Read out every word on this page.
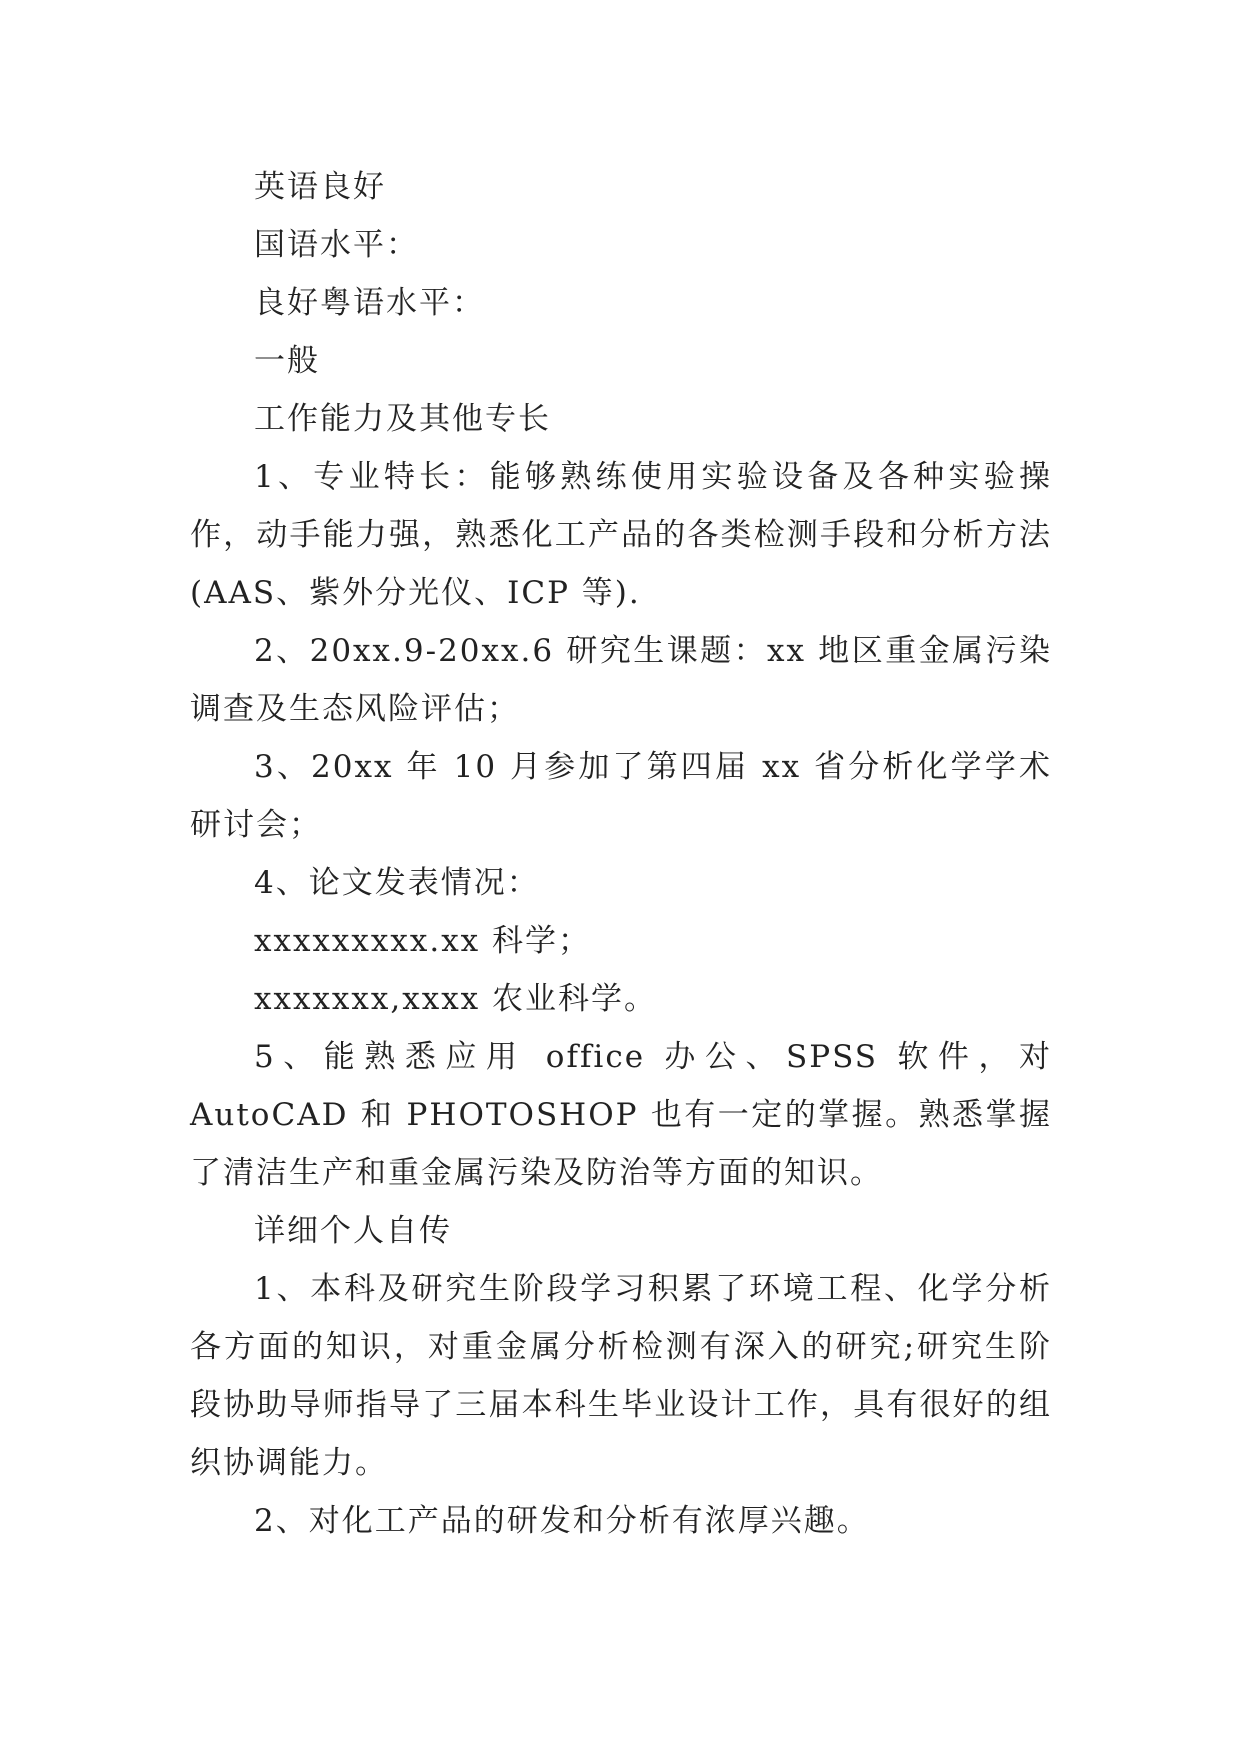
英语良好

国语水平：

良好粤语水平：

一般

工作能力及其他专长

1、专业特长：能够熟练使用实验设备及各种实验操作，动手能力强，熟悉化工产品的各类检测手段和分析方法(AAS、紫外分光仪、ICP 等).

2、20xx.9-20xx.6 研究生课题：xx 地区重金属污染调查及生态风险评估；

3、20xx 年 10 月参加了第四届 xx 省分析化学学术研讨会；

4、论文发表情况：

xxxxxxxxx.xx 科学；

xxxxxxx,xxxx 农业科学。

5、能熟悉应用 office 办公、SPSS 软件，对 AutoCAD 和 PHOTOSHOP 也有一定的掌握。熟悉掌握了清洁生产和重金属污染及防治等方面的知识。

详细个人自传

1、本科及研究生阶段学习积累了环境工程、化学分析各方面的知识，对重金属分析检测有深入的研究;研究生阶段协助导师指导了三届本科生毕业设计工作，具有很好的组织协调能力。

2、对化工产品的研发和分析有浓厚兴趣。
